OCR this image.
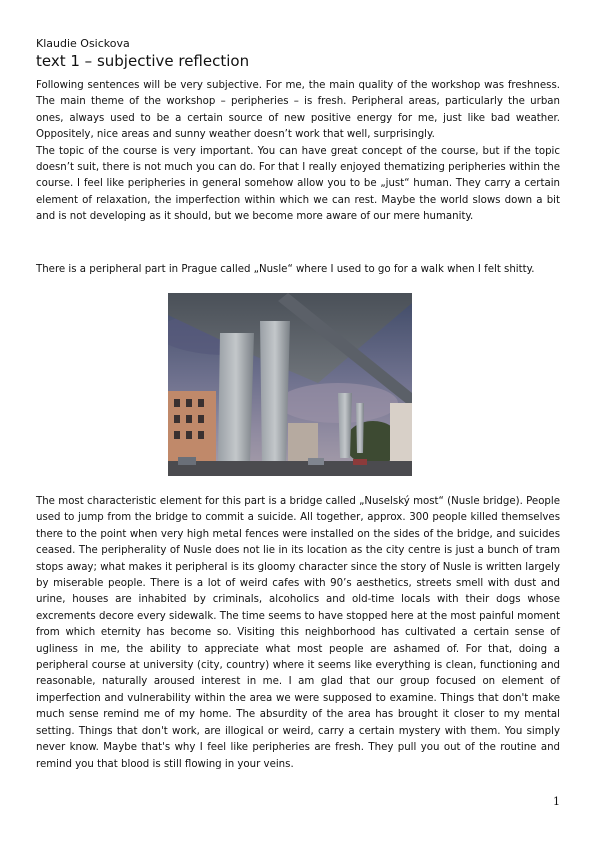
Klaudie Osickova
text 1 – subjective reflection

Following sentences will be very subjective. For me, the main quality of the workshop was freshness. The main theme of the workshop – peripheries – is fresh. Peripheral areas, particularly the urban ones, always used to be a certain source of new positive energy for me, just like bad weather. Oppositely, nice areas and sunny weather doesn’t work that well, surprisingly.

The topic of the course is very important. You can have great concept of the course, but if the topic doesn’t suit, there is not much you can do. For that I really enjoyed thematizing peripheries within the course. I feel like peripheries in general somehow allow you to be „just“ human. They carry a certain element of relaxation, the imperfection within which we can rest. Maybe the world slows down a bit and is not developing as it should, but we become more aware of our mere humanity.

There is a peripheral part in Prague called „Nusle“ where I used to go for a walk when I felt shitty.

The most characteristic element for this part is a bridge called „Nuselský most“ (Nusle bridge). People used to jump from the bridge to commit a suicide. All together, approx. 300 people killed themselves there to the point when very high metal fences were installed on the sides of the bridge, and suicides ceased. The peripherality of Nusle does not lie in its location as the city centre is just a bunch of tram stops away; what makes it peripheral is its gloomy character since the story of Nusle is written largely by miserable people. There is a lot of weird cafes with 90’s aesthetics, streets smell with dust and urine, houses are inhabited by criminals, alcoholics and old-time locals with their dogs whose excrements decore every sidewalk. The time seems to have stopped here at the most painful moment from which eternity has become so. Visiting this neighborhood has cultivated a certain sense of ugliness in me, the ability to appreciate what most people are ashamed of. For that, doing a peripheral course at university (city, country) where it seems like everything is clean, functioning and reasonable, naturally aroused interest in me. I am glad that our group focused on element of imperfection and vulnerability within the area we were supposed to examine. Things that don't make much sense remind me of my home. The absurdity of the area has brought it closer to my mental setting. Things that don't work, are illogical or weird, carry a certain mystery with them. You simply never know. Maybe that's why I feel like peripheries are fresh. They pull you out of the routine and remind you that blood is still flowing in your veins.

1
